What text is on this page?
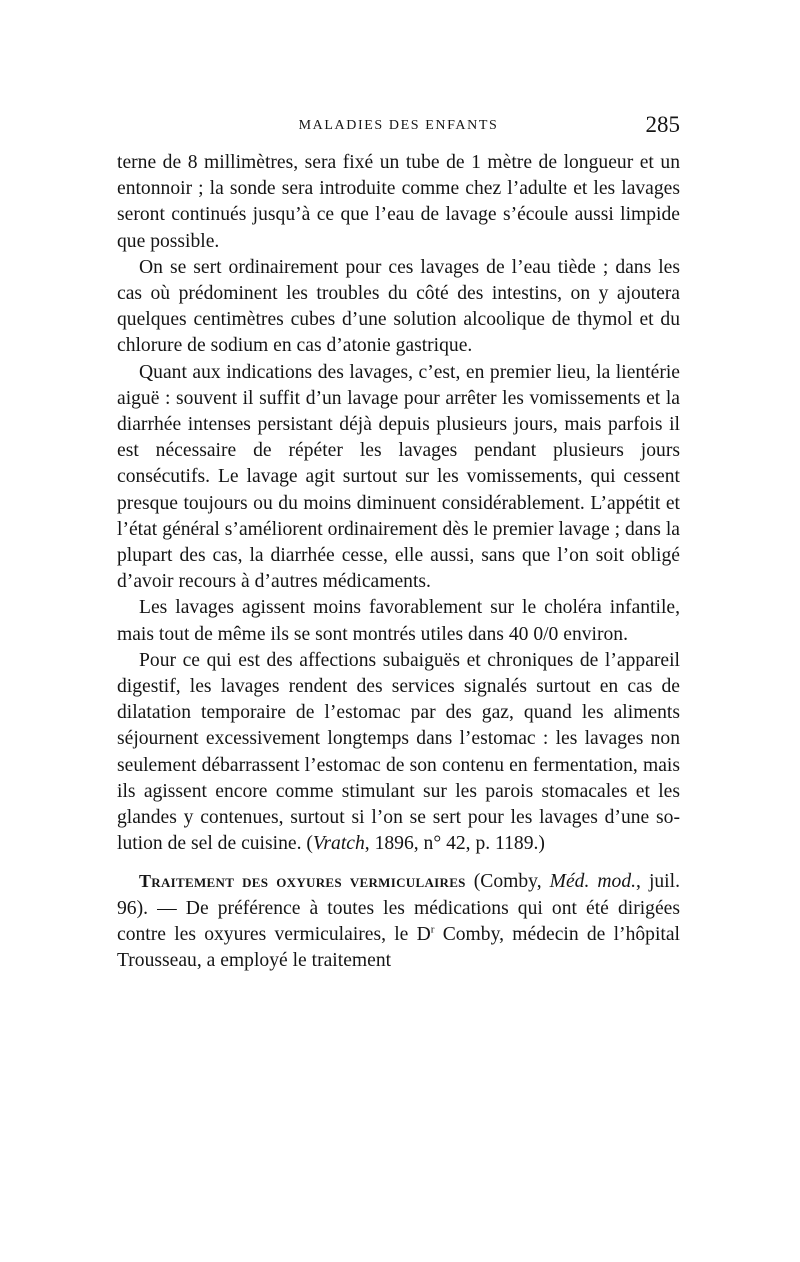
MALADIES DES ENFANTS	285

terne de 8 millimètres, sera fixé un tube de 1 mètre de longueur et un entonnoir ; la sonde sera introduite comme chez l’adulte et les lavages seront continués jusqu’à ce que l’eau de lavage s’écoule aussi limpide que possible.

On se sert ordinairement pour ces lavages de l’eau tiède ; dans les cas où prédominent les troubles du côté des intestins, on y ajoutera quelques centimètres cubes d’une solution alcoolique de thymol et du chlorure de sodium en cas d’atonie gastrique.

Quant aux indications des lavages, c’est, en premier lieu, la lientérie aiguë : souvent il suffit d’un lavage pour arrêter les vomissements et la diarrhée intenses persistant déjà depuis plusieurs jours, mais parfois il est nécessaire de répéter les lavages pendant plusieurs jours consécutifs. Le lavage agit surtout sur les vomissements, qui cessent presque toujours ou du moins diminuent considérablement. L’appétit et l’état général s’améliorent ordinairement dès le premier lavage ; dans la plupart des cas, la diarrhée cesse, elle aussi, sans que l’on soit obligé d’avoir recours à d’autres médicaments.

Les lavages agissent moins favorablement sur le choléra infantile, mais tout de même ils se sont montrés utiles dans 40 0/0 environ.

Pour ce qui est des affections subaiguës et chroniques de l’appareil digestif, les lavages rendent des services signalés surtout en cas de dilatation temporaire de l’estomac par des gaz, quand les aliments séjournent excessivement longtemps dans l’estomac : les lavages non seulement débarrassent l’estomac de son contenu en fermentation, mais ils agissent encore comme stimulant sur les parois stomacales et les glandes y contenues, surtout si l’on se sert pour les lavages d’une solution de sel de cuisine. (Vratch, 1896, n° 42, p. 1189.)

Traitement des oxyures vermiculaires (Comby, Méd. mod., juil. 96). — De préférence à toutes les médications qui ont été dirigées contre les oxyures vermiculaires, le $D^r$ Comby, médecin de l’hôpital Trousseau, a employé le traitement
